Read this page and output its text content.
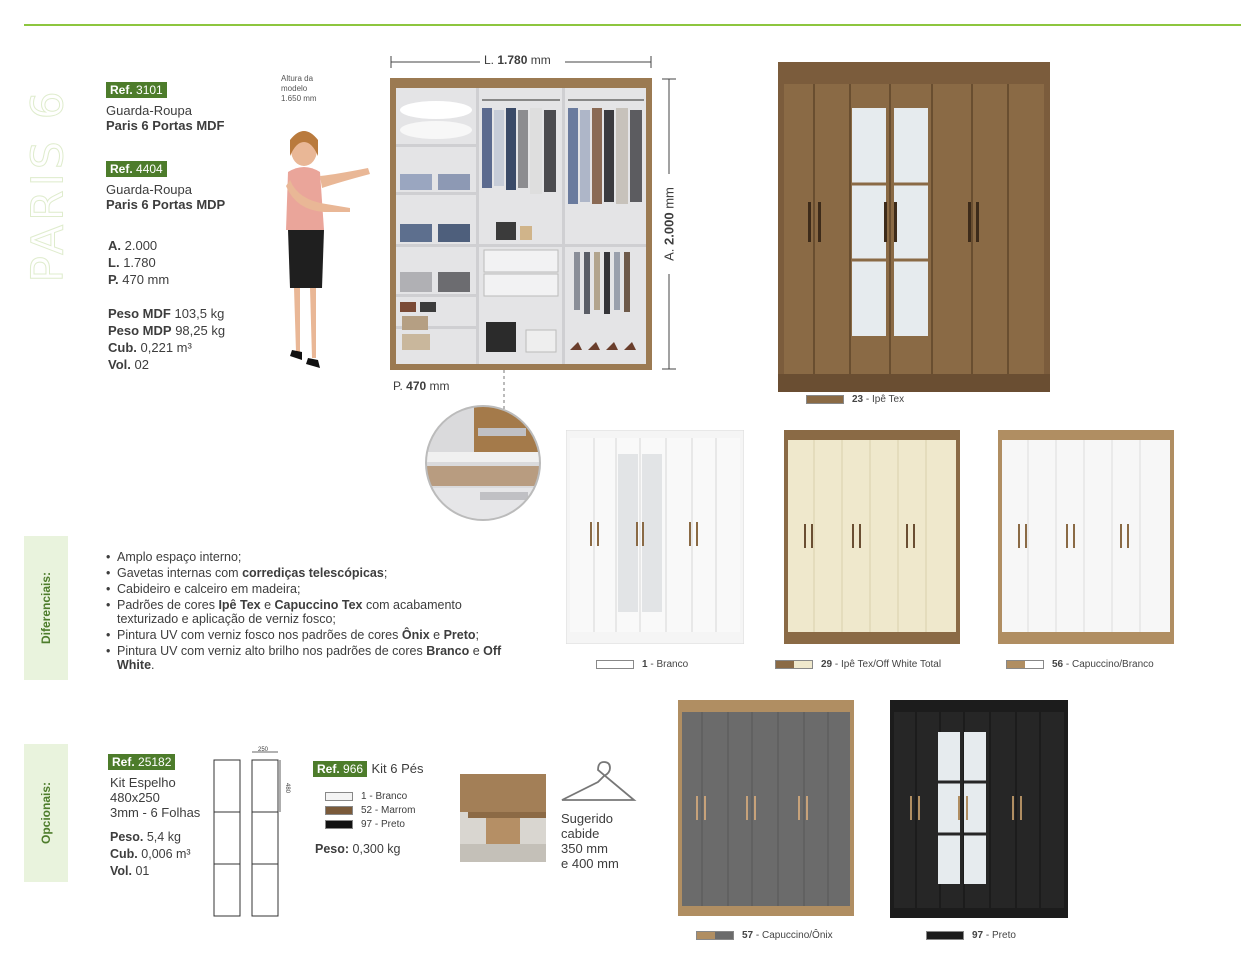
PARIS 6	Ref. 3101
Guarda-Roupa
Paris 6 Portas MDF
Ref. 4404
Guarda-Roupa
Paris 6 Portas MDP
A. 2.000
L. 1.780
P. 470 mm
Peso MDF 103,5 kg
Peso MDP 98,25 kg
Cub. 0,221 m³
Vol. 02
Altura da
modelo
1.650 mm
L. 1.780 mm
A. 2.000 mm
P. 470 mm
23 - Ipê Tex
1 - Branco	29 - Ipê Tex/Off White Total	56 - Capuccino/Branco
57 - Capuccino/Ônix	97 - Preto
Diferenciais:
• Amplo espaço interno;
• Gavetas internas com corrediças telescópicas;
• Cabideiro e calceiro em madeira;
• Padrões de cores Ipê Tex e Capuccino Tex com acabamento texturizado e aplicação de verniz fosco;
• Pintura UV com verniz fosco nos padrões de cores Ônix e Preto;
• Pintura UV com verniz alto brilho nos padrões de cores Branco e Off White.
Opcionais:
Ref. 25182
Kit Espelho
480x250
3mm - 6 Folhas
Peso. 5,4 kg
Cub. 0,006 m³
Vol. 01
250
480
Ref. 966 Kit 6 Pés
1 - Branco
52 - Marrom
97 - Preto
Peso: 0,300 kg
Sugerido
cabide
350 mm
e 400 mm
